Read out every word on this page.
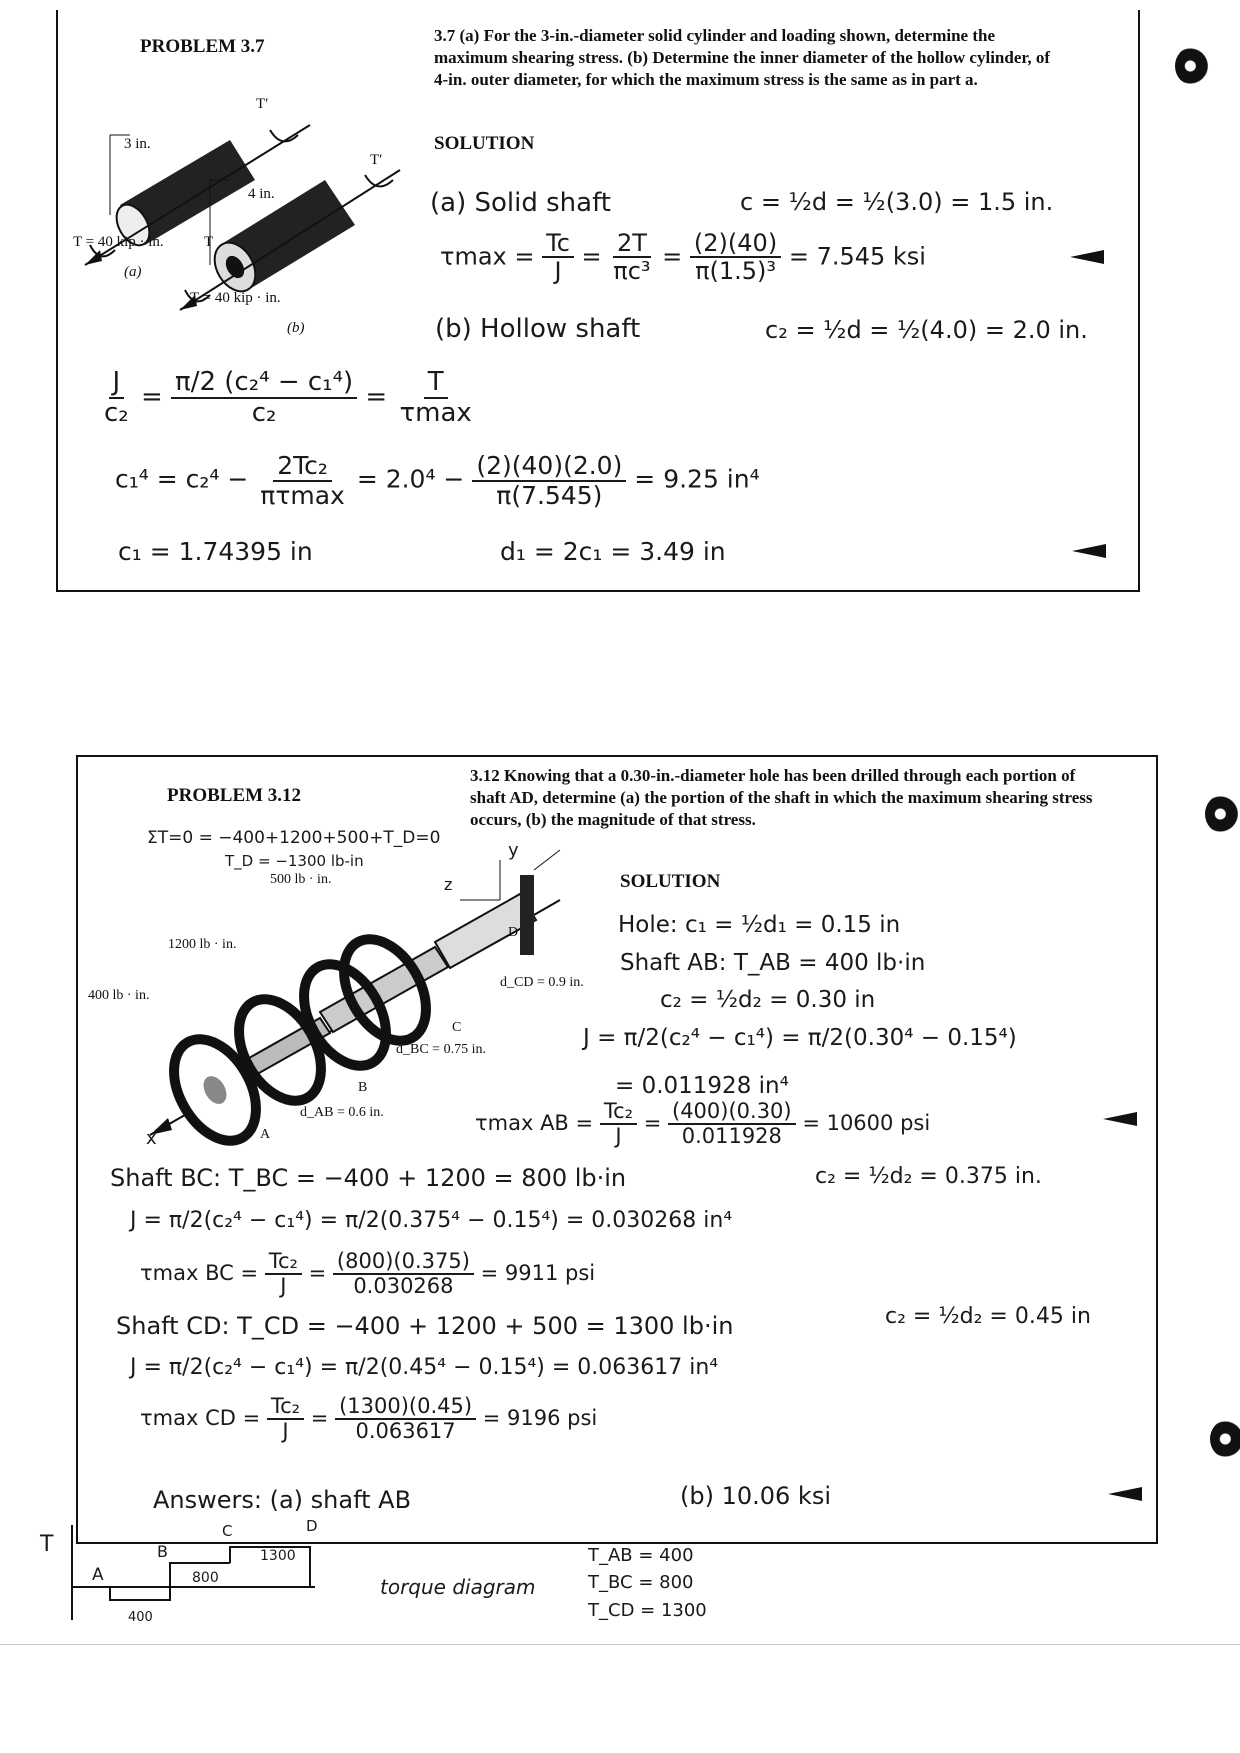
PROBLEM 3.7
3.7 (a) For the 3-in.-diameter solid cylinder and loading shown, determine the
maximum shearing stress. (b) Determine the inner diameter of the hollow cylinder, of
4-in. outer diameter, for which the maximum stress is the same as in part a.
SOLUTION
T′
T′
3 in.
4 in.
T = 40 kip · in.	T
(a)
T = 40 kip · in.
(b)
(a) Solid shaft	c = ½d = ½(3.0) = 1.5 in.
$\tau\max = \frac{Tc}{J} = \frac{2T}{\text{πc³}} = \frac{(2)(40)}{\text{π(1.5)³}} = 7.545$ ksi
(b) Hollow shaft	c₂ = ½d = ½(4.0) = 2.0 in.
$\frac{J}{\text{c₂}} = \frac{\text{π/2 (c₂⁴ − c₁⁴)}}{\text{c₂}} = \frac{T}{\tau\max}$
$c_1^4 = c_2^4 - \frac{\text{2Tc₂}}{\pi\tau\max} = 2.0^4 - \frac{(2)(40)(2.0)}{\pi(7.545)} = 9.25$ in⁴
c₁ = 1.74395 in	d₁ = 2c₁ = 3.49 in
PROBLEM 3.12
3.12 Knowing that a 0.30-in.-diameter hole has been drilled through each portion of
shaft AD, determine (a) the portion of the shaft in which the maximum shearing stress
occurs, (b) the magnitude of that stress.
ΣT=0 = −400+1200+500+T_D=0
T_D = −1300 lb-in
500 lb · in.
1200 lb · in.
400 lb · in.
d_CD = 0.9 in.
d_BC = 0.75 in.
d_AB = 0.6 in.
A
B
C
D
x
y
z	SOLUTION
Hole: c₁ = ½d₁ = 0.15 in
Shaft AB: T_AB = 400 lb·in
c₂ = ½d₂ = 0.30 in
J = π/2(c₂⁴ − c₁⁴) = π/2(0.30⁴ − 0.15⁴)
= 0.011928 in⁴
τmax AB = $\frac{\text{Tc₂}}{J} = \frac{(400)(0.30)}{0.011928} = 10600$ psi
Shaft BC: T_BC = −400 + 1200 = 800 lb·in	c₂ = ½d₂ = 0.375 in.
J = π/2(c₂⁴ − c₁⁴) = π/2(0.375⁴ − 0.15⁴) = 0.030268 in⁴
τmax BC = $\frac{\text{Tc₂}}{J} = \frac{(800)(0.375)}{0.030268} = 9911$ psi
Shaft CD: T_CD = −400 + 1200 + 500 = 1300 lb·in	c₂ = ½d₂ = 0.45 in
J = π/2(c₂⁴ − c₁⁴) = π/2(0.45⁴ − 0.15⁴) = 0.063617 in⁴
τmax CD = $\frac{\text{Tc₂}}{J} = \frac{(1300)(0.45)}{0.063617} = 9196$ psi
Answers: (a) shaft AB	(b) 10.06 ksi
T
A
B
C	D
400
800
1300
torque diagram
T_AB = 400
T_BC = 800
T_CD = 1300
